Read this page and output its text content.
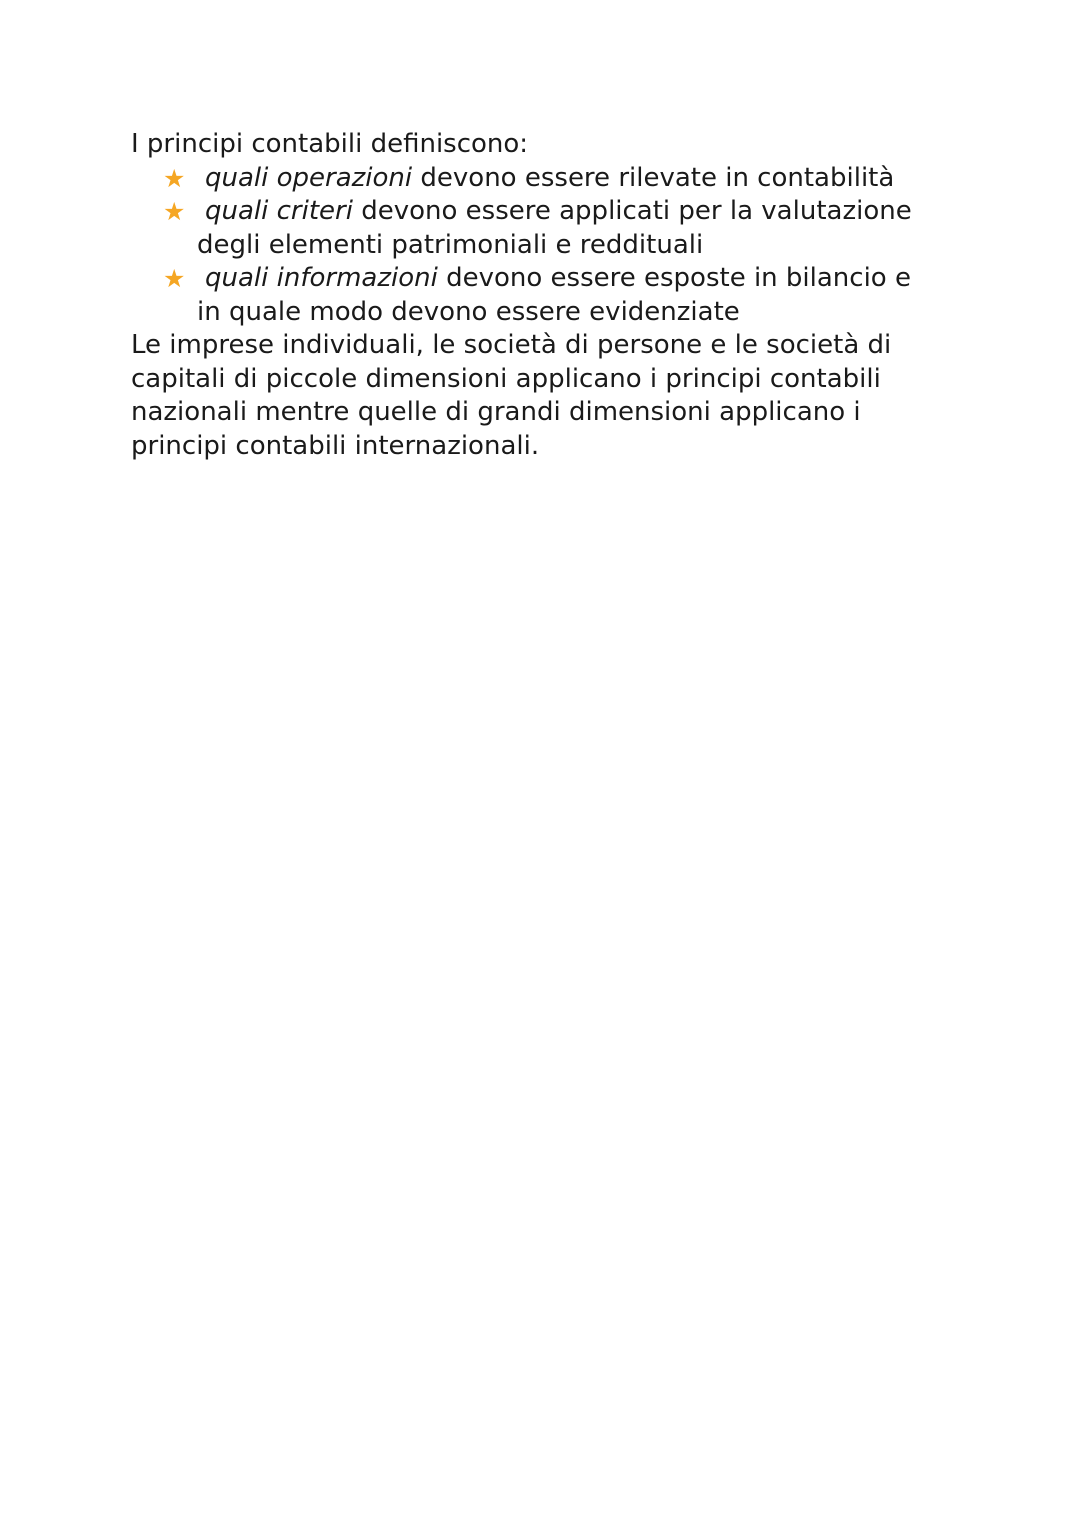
I principi contabili definiscono:

★ quali operazioni devono essere rilevate in contabilità
★ quali criteri devono essere applicati per la valutazione
degli elementi patrimoniali e reddituali
★ quali informazioni devono essere esposte in bilancio e
in quale modo devono essere evidenziate

Le imprese individuali, le società di persone e le società di

capitali di piccole dimensioni applicano i principi contabili

nazionali mentre quelle di grandi dimensioni applicano i

principi contabili internazionali.
